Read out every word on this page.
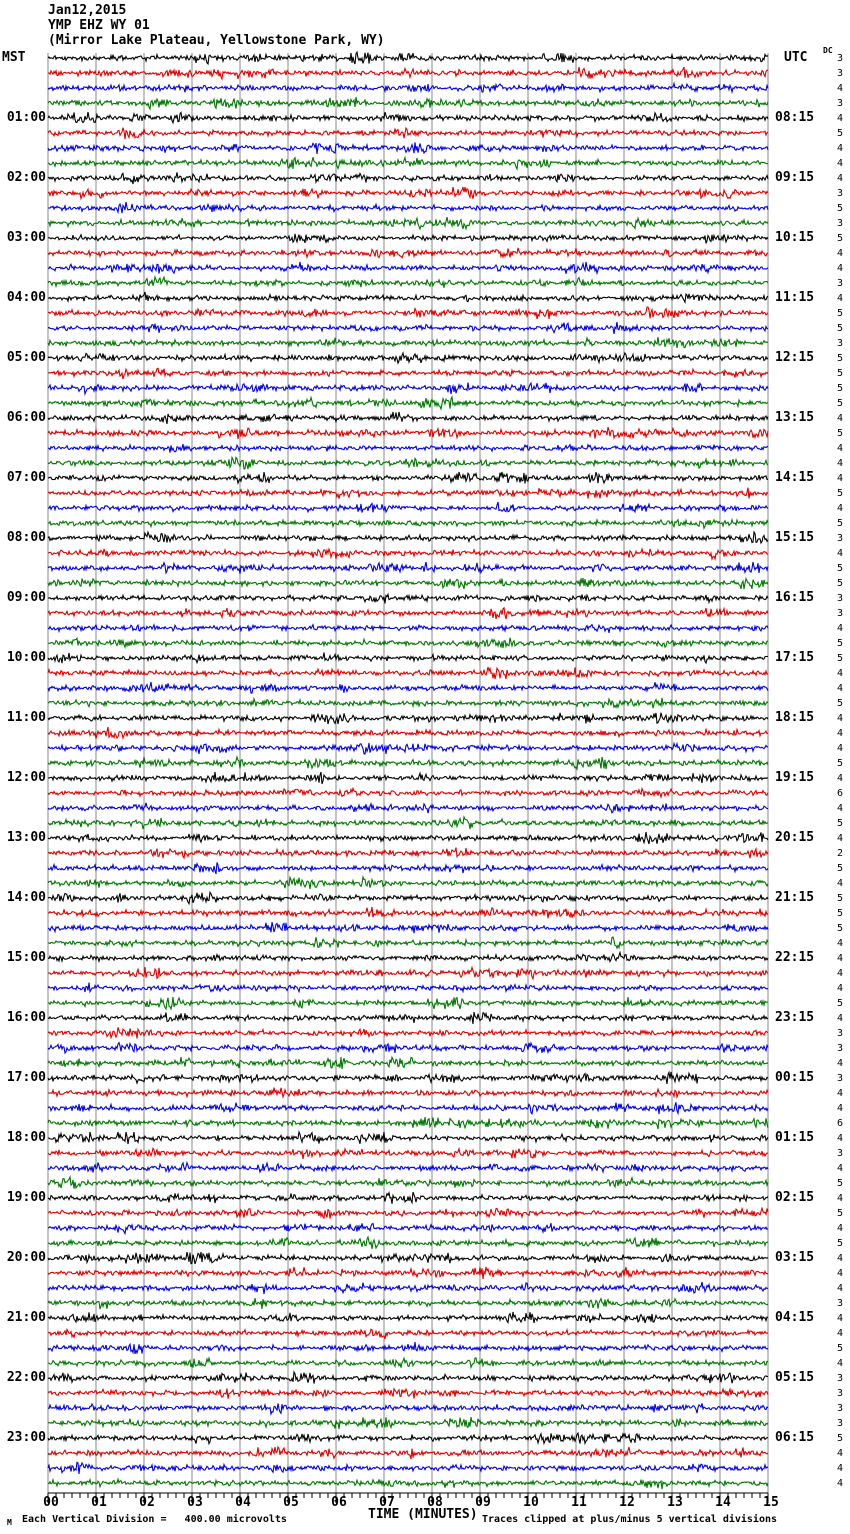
Jan12,2015
YMP EHZ WY 01
(Mirror Lake Plateau, Yellowstone Park, WY)
MST	UTC DC
01:00
02:00
03:00
04:00
05:00
06:00
07:00
08:00
09:00
10:00
11:00
12:00
13:00
14:00
15:00
16:00
17:00
18:00
19:00
20:00
21:00
22:00
23:00
08:15
09:15
10:15
11:15
12:15
13:15
14:15
15:15
16:15
17:15
18:15
19:15
20:15
21:15
22:15
23:15
00:15
01:15
02:15
03:15
04:15
05:15
06:15
3
3
4
3
4
5
4
4
4
3
5
3
5
4
4
3
4
5
5
3
5
5
5
5
4
5
4
4
4
5
4
5
3
4
5
5
3
3
4
5
5
4
4
5
4
4
4
5
4
6
4
5
4
2
5
4
5
5
5
4
4
4
4
5
4
3
3
4
3
4
4
6
4
3
4
5
4
5
4
5
4
4
4
3
4
4
5
4
3
3
3
3
5
4
4
4
00	01	02	03	04	05	06	07	08	09	10	11	12	13	14	15
TIME (MINUTES)
M Each Vertical Division =   400.00 microvolts	Traces clipped at plus/minus 5 vertical divisions
